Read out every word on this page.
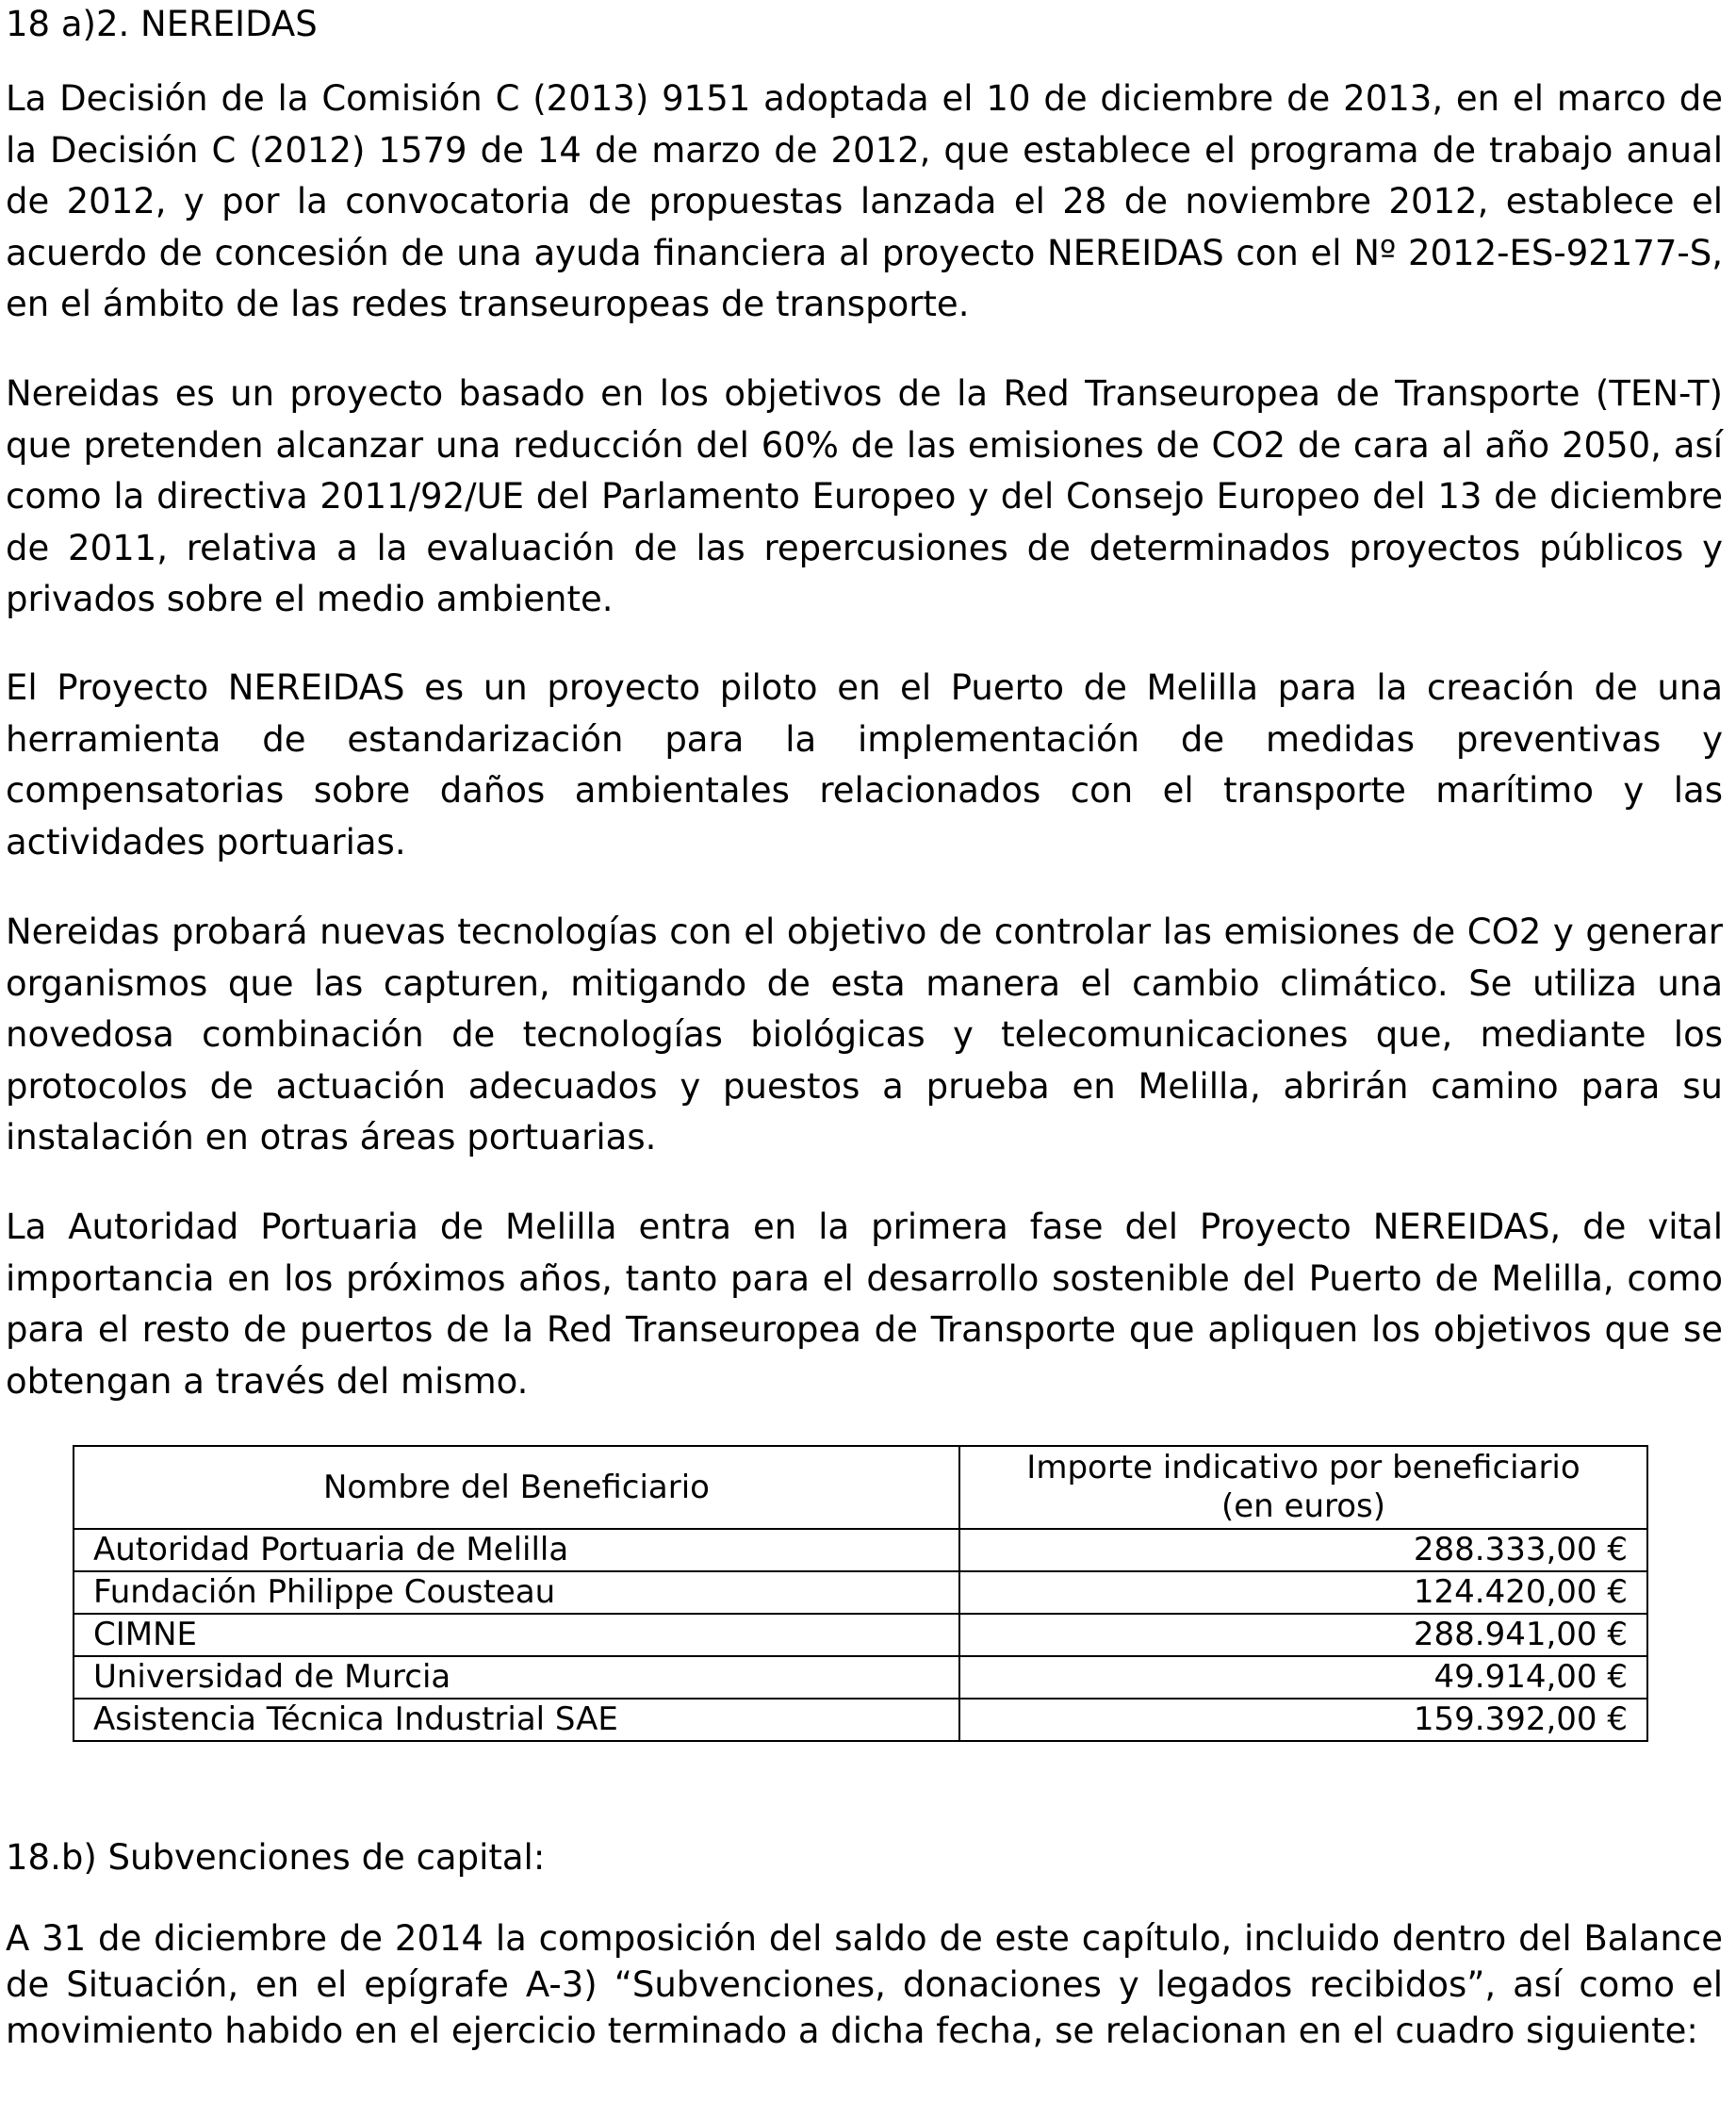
18 a)2. NEREIDAS

La Decisión de la Comisión C (2013) 9151 adoptada el 10 de diciembre de 2013, en el marco de la Decisión C (2012) 1579 de 14 de marzo de 2012, que establece el programa de trabajo anual de 2012, y por la convocatoria de propuestas lanzada el 28 de noviembre 2012, establece el acuerdo de concesión de una ayuda financiera al proyecto NEREIDAS con el Nº 2012-ES-92177-S, en el ámbito de las redes transeuropeas de transporte.

Nereidas es un proyecto basado en los objetivos de la Red Transeuropea de Transporte (TEN-T) que pretenden alcanzar una reducción del 60% de las emisiones de CO2 de cara al año 2050, así como la directiva 2011/92/UE del Parlamento Europeo y del Consejo Europeo del 13 de diciembre de 2011, relativa a la evaluación de las repercusiones de determinados proyectos públicos y privados sobre el medio ambiente.

El Proyecto NEREIDAS es un proyecto piloto en el Puerto de Melilla para la creación de una herramienta de estandarización para la implementación de medidas preventivas y compensatorias sobre daños ambientales relacionados con el transporte marítimo y las actividades portuarias.

Nereidas probará nuevas tecnologías con el objetivo de controlar las emisiones de CO2 y generar organismos que las capturen, mitigando de esta manera el cambio climático. Se utiliza una novedosa combinación de tecnologías biológicas y telecomunicaciones que, mediante los protocolos de actuación adecuados y puestos a prueba en Melilla, abrirán camino para su instalación en otras áreas portuarias.

La Autoridad Portuaria de Melilla entra en la primera fase del Proyecto NEREIDAS, de vital importancia en los próximos años, tanto para el desarrollo sostenible del Puerto de Melilla, como para el resto de puertos de la Red Transeuropea de Transporte que apliquen los objetivos que se obtengan a través del mismo.

Nombre del Beneficiario	Importe indicativo por beneficiario (en euros)
Autoridad Portuaria de Melilla	288.333,00 €
Fundación Philippe Cousteau	124.420,00 €
CIMNE	288.941,00 €
Universidad de Murcia	49.914,00 €
Asistencia Técnica Industrial SAE	159.392,00 €
18.b) Subvenciones de capital:

A 31 de diciembre de 2014 la composición del saldo de este capítulo, incluido dentro del Balance de Situación, en el epígrafe A-3) “Subvenciones, donaciones y legados recibidos”, así como el movimiento habido en el ejercicio terminado a dicha fecha, se relacionan en el cuadro siguiente:
